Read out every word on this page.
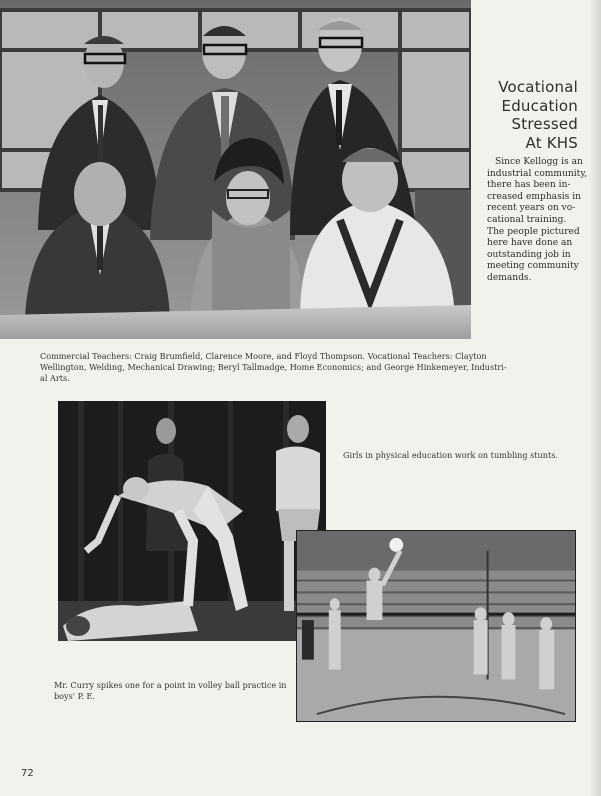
Vocational
Education
Stressed
At KHS
Since Kellogg is an
industrial community,
there has been in-
creased emphasis in
recent years on vo-
cational training.
The people pictured
here have done an
outstanding job in
meeting community
demands.
Commercial Teachers: Craig Brumfield, Clarence Moore, and Floyd Thompson. Vocational Teachers: Clayton
Wellington, Welding, Mechanical Drawing; Beryl Tallmadge, Home Economics; and George Hinkemeyer, Industri-
al Arts.
Girls in physical education work on tumbling stunts.
Mr. Curry spikes one for a point in volley ball practice in
boys' P. E.
72
